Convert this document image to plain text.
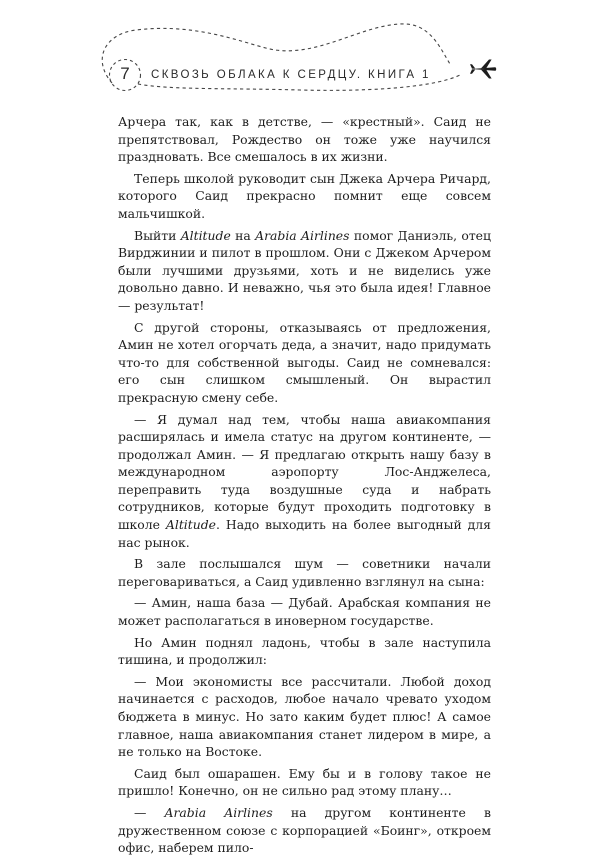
7	СКВОЗЬ ОБЛАКА К СЕРДЦУ. КНИГА 1

Арчера так, как в детстве, — «крестный». Саид не препятствовал, Рождество он тоже уже научился праздновать. Все смешалось в их жизни.

Теперь школой руководит сын Джека Арчера Ричард, которого Саид прекрасно помнит еще совсем мальчишкой.

Выйти Altitude на Arabia Airlines помог Даниэль, отец Вирджинии и пилот в прошлом. Они с Джеком Арчером были лучшими друзьями, хоть и не виделись уже довольно давно. И неважно, чья это была идея! Главное — результат!

С другой стороны, отказываясь от предложения, Амин не хотел огорчать деда, а значит, надо придумать что-то для собственной выгоды. Саид не сомневался: его сын слишком смышленый. Он вырастил прекрасную смену себе.

— Я думал над тем, чтобы наша авиакомпания расширялась и имела статус на другом континенте, — продолжал Амин. — Я предлагаю открыть нашу базу в международном аэропорту Лос-Анджелеса, переправить туда воздушные суда и набрать сотрудников, которые будут проходить подготовку в школе Altitude. Надо выходить на более выгодный для нас рынок.

В зале послышался шум — советники начали переговариваться, а Саид удивленно взглянул на сына:

— Амин, наша база — Дубай. Арабская компания не может располагаться в иноверном государстве.

Но Амин поднял ладонь, чтобы в зале наступила тишина, и продолжил:

— Мои экономисты все рассчитали. Любой доход начинается с расходов, любое начало чревато уходом бюджета в минус. Но зато каким будет плюс! А самое главное, наша авиакомпания станет лидером в мире, а не только на Востоке.

Саид был ошарашен. Ему бы и в голову такое не пришло! Конечно, он не сильно рад этому плану…

— Arabia Airlines на другом континенте в дружественном союзе с корпорацией «Боинг», откроем офис, наберем пило-
